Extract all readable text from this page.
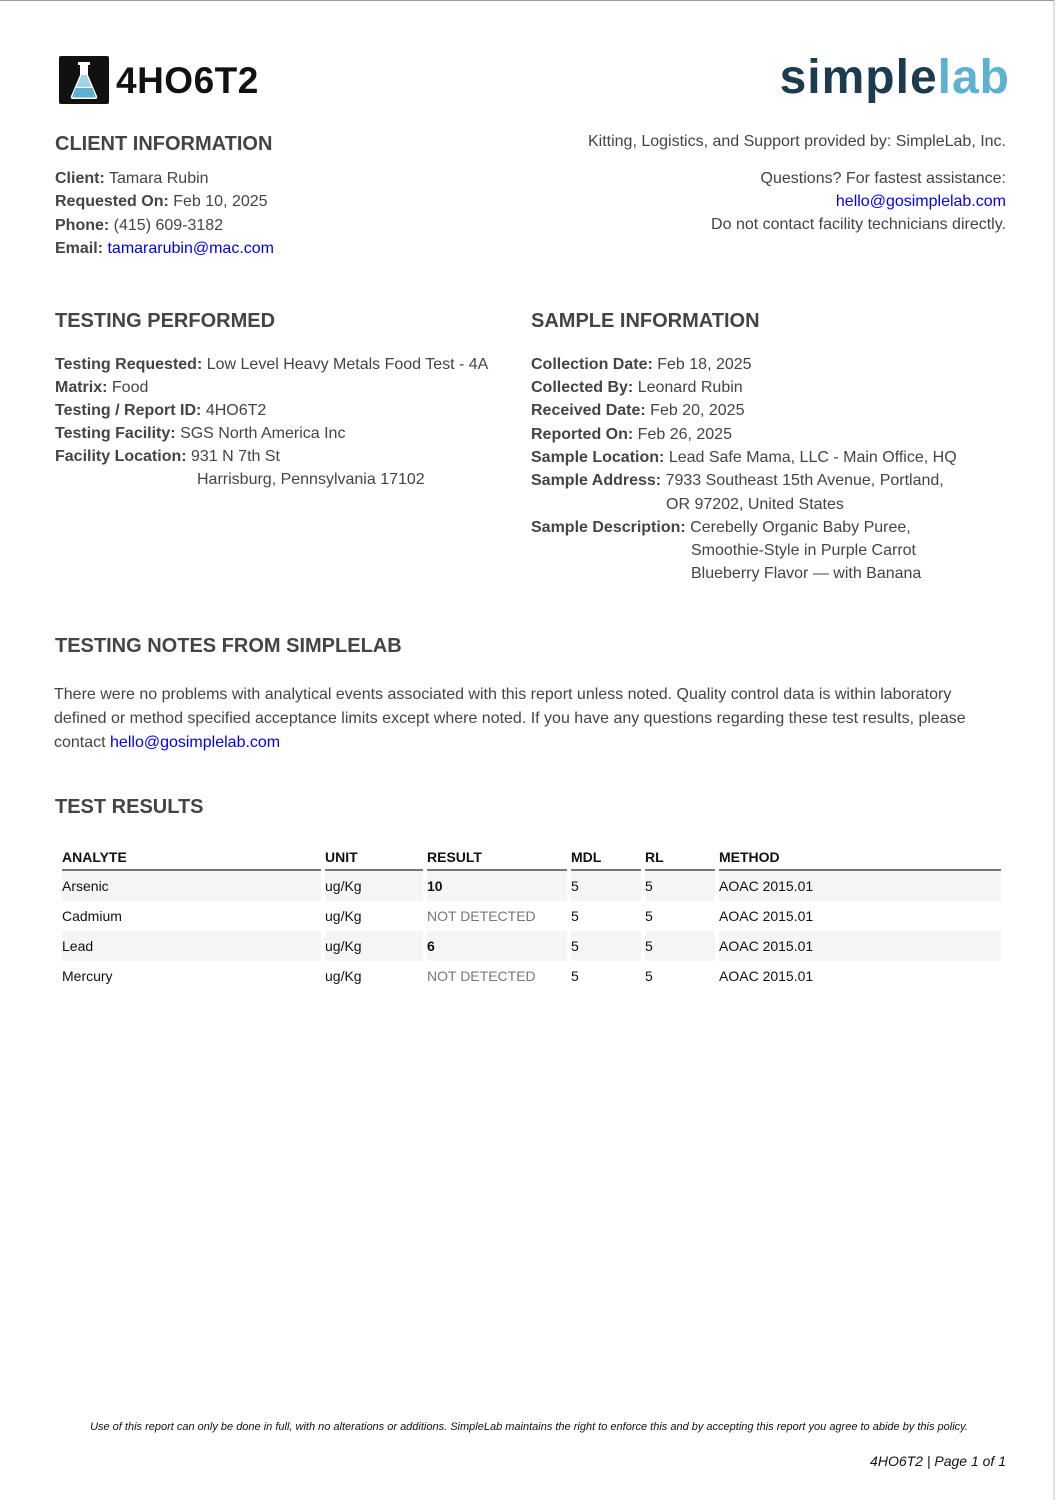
4HO6T2	simplelab
CLIENT INFORMATION
Client: Tamara Rubin
Requested On: Feb 10, 2025
Phone: (415) 609-3182
Email: tamararubin@mac.com
Kitting, Logistics, and Support provided by: SimpleLab, Inc.
Questions? For fastest assistance:
hello@gosimplelab.com
Do not contact facility technicians directly.
TESTING PERFORMED
Testing Requested: Low Level Heavy Metals Food Test - 4A
Matrix: Food
Testing / Report ID: 4HO6T2
Testing Facility: SGS North America Inc
Facility Location: 931 N 7th St
Harrisburg, Pennsylvania 17102
SAMPLE INFORMATION
Collection Date: Feb 18, 2025
Collected By: Leonard Rubin
Received Date: Feb 20, 2025
Reported On: Feb 26, 2025
Sample Location: Lead Safe Mama, LLC - Main Office, HQ
Sample Address: 7933 Southeast 15th Avenue, Portland,
OR 97202, United States
Sample Description: Cerebelly Organic Baby Puree,
Smoothie-Style in Purple Carrot
Blueberry Flavor — with Banana
TESTING NOTES FROM SIMPLELAB
There were no problems with analytical events associated with this report unless noted. Quality control data is within laboratory defined or method specified acceptance limits except where noted. If you have any questions regarding these test results, please contact hello@gosimplelab.com
TEST RESULTS
ANALYTE	UNIT	RESULT	MDL	RL	METHOD
Arsenic	ug/Kg	10	5	5	AOAC 2015.01
Cadmium	ug/Kg	NOT DETECTED	5	5	AOAC 2015.01
Lead	ug/Kg	6	5	5	AOAC 2015.01
Mercury	ug/Kg	NOT DETECTED	5	5	AOAC 2015.01
Use of this report can only be done in full, with no alterations or additions. SimpleLab maintains the right to enforce this and by accepting this report you agree to abide by this policy.
4HO6T2 | Page 1 of 1
